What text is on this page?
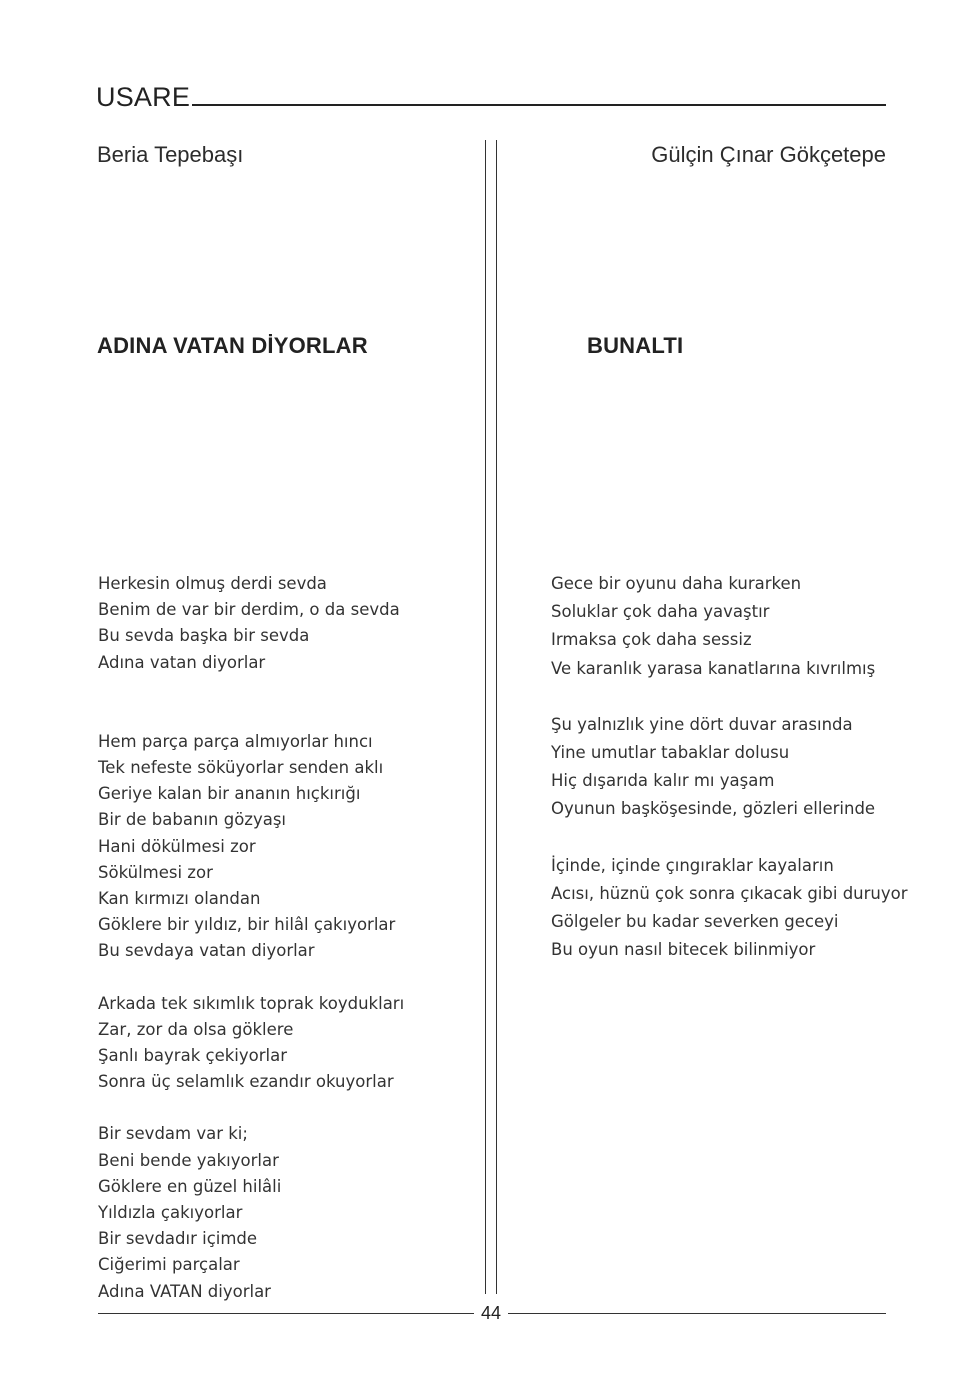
USARE
Beria Tepebaşı
ADINA VATAN DİYORLAR
Herkesin olmuş derdi sevda
Benim de var bir derdim, o da sevda
Bu sevda başka bir sevda
Adına vatan diyorlar
Hem parça parça almıyorlar hıncı
Tek nefeste söküyorlar senden aklı
Geriye kalan bir ananın hıçkırığı
Bir de babanın gözyaşı
Hani dökülmesi zor
Sökülmesi zor
Kan kırmızı olandan
Göklere bir yıldız, bir hilâl çakıyorlar
Bu sevdaya vatan diyorlar
Arkada tek sıkımlık toprak koydukları
Zar, zor da olsa göklere
Şanlı bayrak çekiyorlar
Sonra üç selamlık ezandır okuyorlar
Bir sevdam var ki;
Beni bende yakıyorlar
Göklere en güzel hilâli
Yıldızla çakıyorlar
Bir sevdadır içimde
Ciğerimi parçalar
Adına VATAN diyorlar
Gülçin Çınar Gökçetepe
BUNALTI
Gece bir oyunu daha kurarken
Soluklar çok daha yavaştır
Irmaksa çok daha sessiz
Ve karanlık yarasa kanatlarına kıvrılmış
Şu yalnızlık yine dört duvar arasında
Yine umutlar tabaklar dolusu
Hiç dışarıda kalır mı yaşam
Oyunun başköşesinde, gözleri ellerinde
İçinde, içinde çıngıraklar kayaların
Acısı, hüznü çok sonra çıkacak gibi duruyor
Gölgeler bu kadar severken geceyi
Bu oyun nasıl bitecek bilinmiyor
44
